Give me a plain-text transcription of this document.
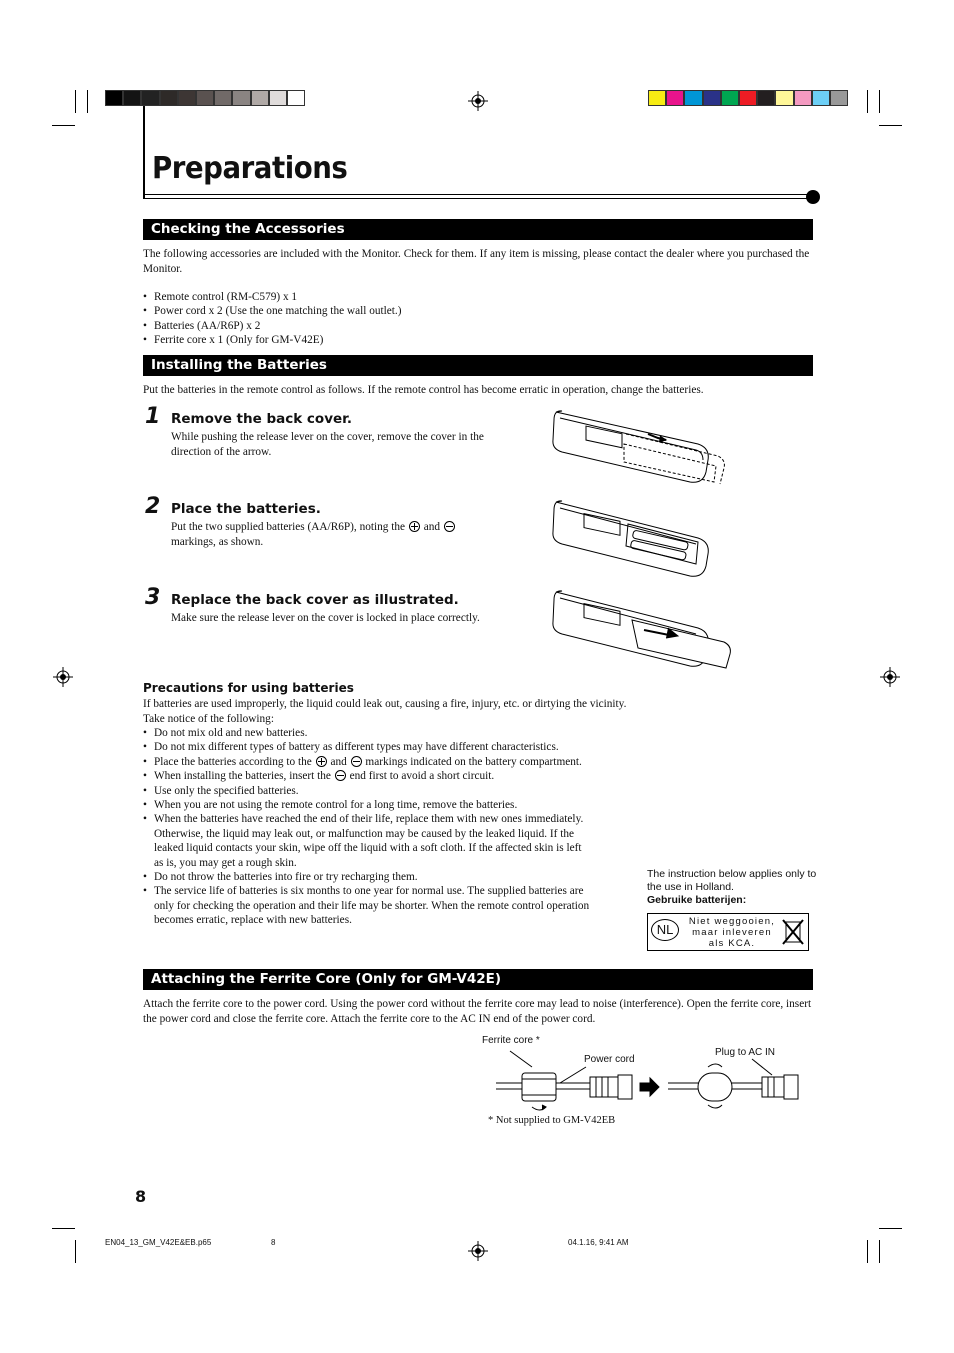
Preparations
Checking the Accessories
The following accessories are included with the Monitor. Check for them. If any item is missing, please contact the dealer where you purchased the Monitor.
• Remote control (RM-C579) x 1
• Power cord x 2 (Use the one matching the wall outlet.)
• Batteries (AA/R6P) x 2
• Ferrite core x 1 (Only for GM-V42E)
Installing the Batteries
Put the batteries in the remote control as follows. If the remote control has become erratic in operation, change the batteries.
1 Remove the back cover.
While pushing the release lever on the cover, remove the cover in the direction of the arrow.
2 Place the batteries.
Put the two supplied batteries (AA/R6P), noting the and
markings, as shown.
3 Replace the back cover as illustrated.
Make sure the release lever on the cover is locked in place correctly.
Precautions for using batteries
If batteries are used improperly, the liquid could leak out, causing a fire, injury, etc. or dirtying the vicinity.
Take notice of the following:
• Do not mix old and new batteries.
• Do not mix different types of battery as different types may have different characteristics.
• Place the batteries according to the and markings indicated on the battery compartment.
• When installing the batteries, insert the end first to avoid a short circuit.
• Use only the specified batteries.
• When you are not using the remote control for a long time, remove the batteries.
• When the batteries have reached the end of their life, replace them with new ones immediately. Otherwise, the liquid may leak out, or malfunction may be caused by the leaked liquid. If the leaked liquid contacts your skin, wipe off the liquid with a soft cloth. If the affected skin is left as is, you may get a rough skin.
• Do not throw the batteries into fire or try recharging them.
• The service life of batteries is six months to one year for normal use. The supplied batteries are only for checking the operation and their life may be shorter. When the remote control operation becomes erratic, replace with new batteries.
The instruction below applies only to the use in Holland.
Gebruike batterijen:
NL
Niet weggooien,
maar inleveren
als KCA.
Attaching the Ferrite Core (Only for GM-V42E)
Attach the ferrite core to the power cord. Using the power cord without the ferrite core may lead to noise (interference). Open the ferrite core, insert the power cord and close the ferrite core. Attach the ferrite core to the AC IN end of the power cord.
Ferrite core *
Power cord
Plug to AC IN
* Not supplied to GM-V42EB
8
EN04_13_GM_V42E&EB.p65	8	04.1.16, 9:41 AM
